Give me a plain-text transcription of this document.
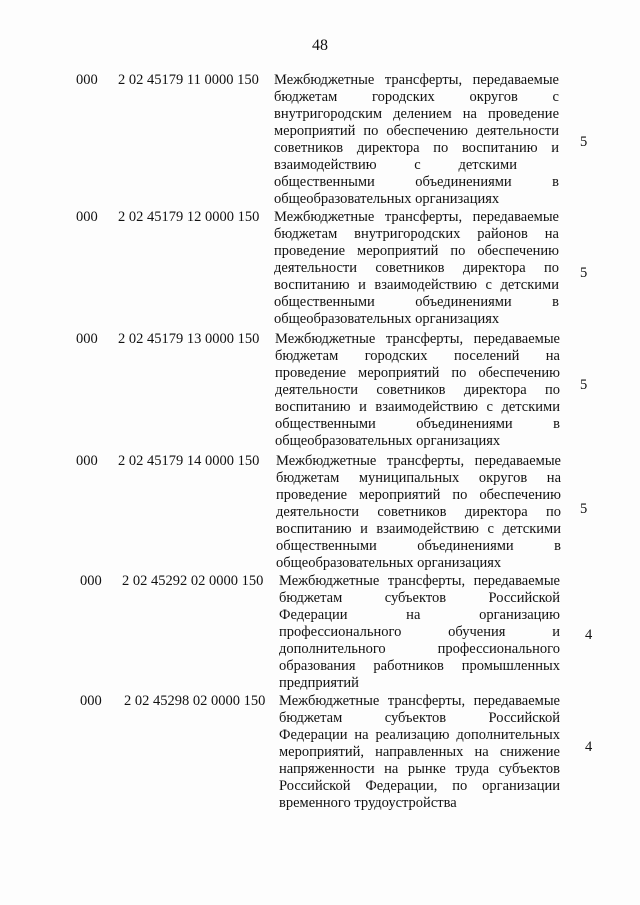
48
000 2 02 45179 11 0000 150 Межбюджетные трансферты, передаваемые
бюджетам городских округов с
внутригородским делением на проведение
мероприятий по обеспечению деятельности
советников директора по воспитанию и
взаимодействию с детскими
общественными объединениями в
общеобразовательных организациях
5
000 2 02 45179 12 0000 150 Межбюджетные трансферты, передаваемые
бюджетам внутригородских районов на
проведение мероприятий по обеспечению
деятельности советников директора по
воспитанию и взаимодействию с детскими
общественными объединениями в
общеобразовательных организациях
5
000 2 02 45179 13 0000 150 Межбюджетные трансферты, передаваемые
бюджетам городских поселений на
проведение мероприятий по обеспечению
деятельности советников директора по
воспитанию и взаимодействию с детскими
общественными объединениями в
общеобразовательных организациях
5
000 2 02 45179 14 0000 150 Межбюджетные трансферты, передаваемые
бюджетам муниципальных округов на
проведение мероприятий по обеспечению
деятельности советников директора по
воспитанию и взаимодействию с детскими
общественными объединениями в
общеобразовательных организациях
5
000 2 02 45292 02 0000 150 Межбюджетные трансферты, передаваемые
бюджетам субъектов Российской
Федерации на организацию
профессионального обучения и
дополнительного профессионального
образования работников промышленных
предприятий
4
000 2 02 45298 02 0000 150 Межбюджетные трансферты, передаваемые
бюджетам субъектов Российской
Федерации на реализацию дополнительных
мероприятий, направленных на снижение
напряженности на рынке труда субъектов
Российской Федерации, по организации
временного трудоустройства
4
